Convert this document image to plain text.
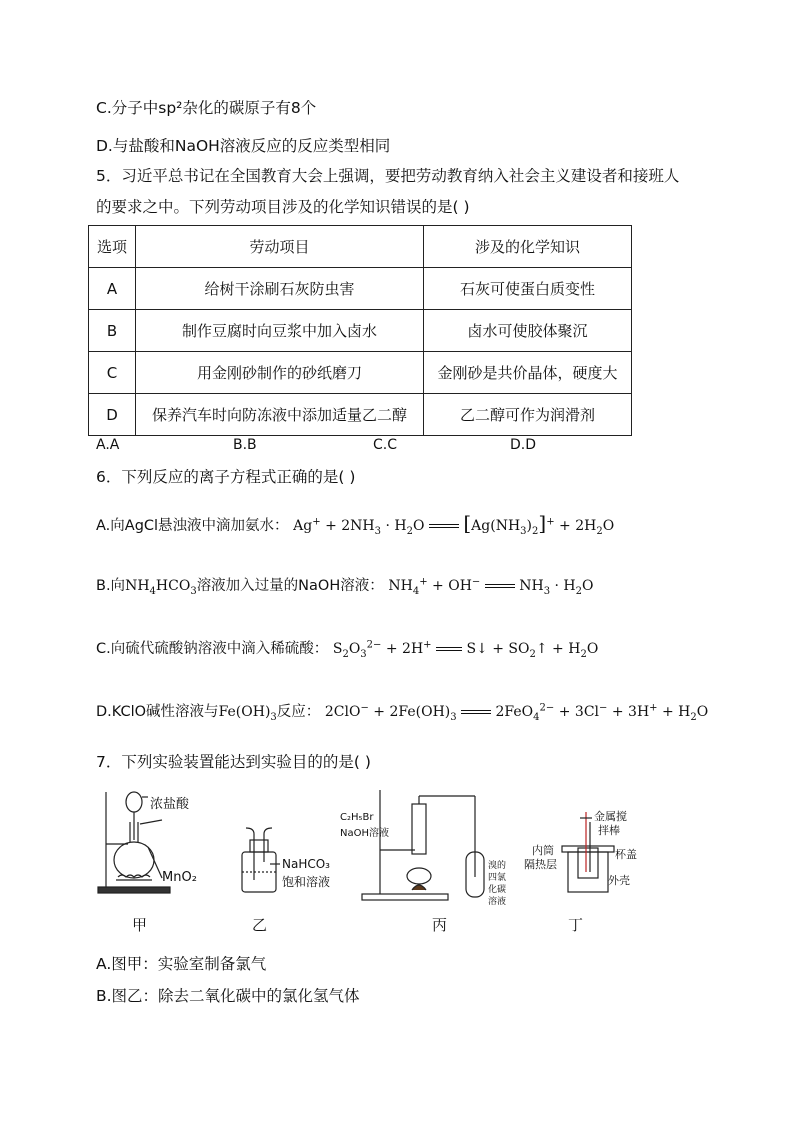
C.分子中sp²杂化的碳原子有8个
D.与盐酸和NaOH溶液反应的反应类型相同
5．习近平总书记在全国教育大会上强调，要把劳动教育纳入社会主义建设者和接班人
的要求之中。下列劳动项目涉及的化学知识错误的是( )
选项	劳动项目	涉及的化学知识
A	给树干涂刷石灰防虫害	石灰可使蛋白质变性
B	制作豆腐时向豆浆中加入卤水	卤水可使胶体聚沉
C	用金刚砂制作的砂纸磨刀	金刚砂是共价晶体，硬度大
D	保养汽车时向防冻液中添加适量乙二醇	乙二醇可作为润滑剂
A.A	B.B	C.C	D.D
6．下列反应的离子方程式正确的是( )
A.向AgCl悬浊液中滴加氨水： $Ag^+ + 2NH_3 \cdot H_2O$  $[Ag(NH_3)_2]^+ + 2H_2O$
B.向$NH_4HCO_3$溶液加入过量的NaOH溶液： $NH_4^+ + OH^-$  $NH_3 \cdot H_2O$
C.向硫代硫酸钠溶液中滴入稀硫酸： $S_2O_3^{2-} + 2H^+$  S↓ + $SO_2↑ + H_2O$
D.KClO碱性溶液与$Fe(OH)_3$反应： $2ClO^- + 2Fe(OH)_3$  $2FeO_4^{2-} + 3Cl^- + 3H^+ + H_2O$
7．下列实验装置能达到实验目的的是( )
浓盐酸
MnO₂
NaHCO₃
饱和溶液
C₂H₅Br
NaOH溶液
溴的
四氯
化碳
溶液
金属搅
拌棒
内筒
隔热层
杯盖
外壳
甲	乙	丙	丁
A.图甲：实验室制备氯气
B.图乙：除去二氧化碳中的氯化氢气体
